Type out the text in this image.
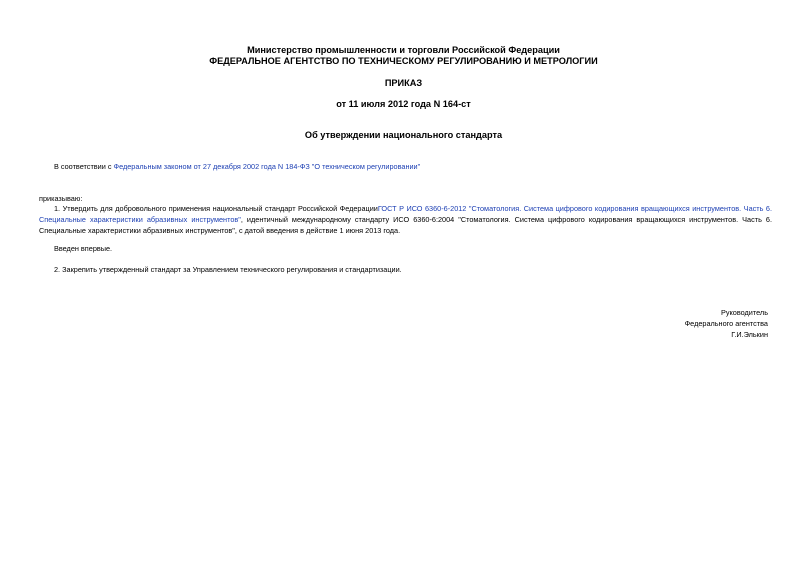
Министерство промышленности и торговли Российской Федерации
ФЕДЕРАЛЬНОЕ АГЕНТСТВО ПО ТЕХНИЧЕСКОМУ РЕГУЛИРОВАНИЮ И МЕТРОЛОГИИ
ПРИКАЗ
от 11 июля 2012 года N 164-ст
Об утверждении национального стандарта
В соответствии с Федеральным законом от 27 декабря 2002 года N 184-ФЗ "О техническом регулировании"
приказываю:
1. Утвердить для добровольного применения национальный стандарт Российской ФедерацииГОСТ Р ИСО 6360-6-2012 "Стоматология. Система цифрового кодирования вращающихся инструментов. Часть 6. Специальные характеристики абразивных инструментов", идентичный международному стандарту ИСО 6360-6:2004 "Стоматология. Система цифрового кодирования вращающихся инструментов. Часть 6. Специальные характеристики абразивных инструментов", с датой введения в действие 1 июня 2013 года.
Введен впервые.
2. Закрепить утвержденный стандарт за Управлением технического регулирования и стандартизации.
Руководитель
Федерального агентства
Г.И.Элькин
